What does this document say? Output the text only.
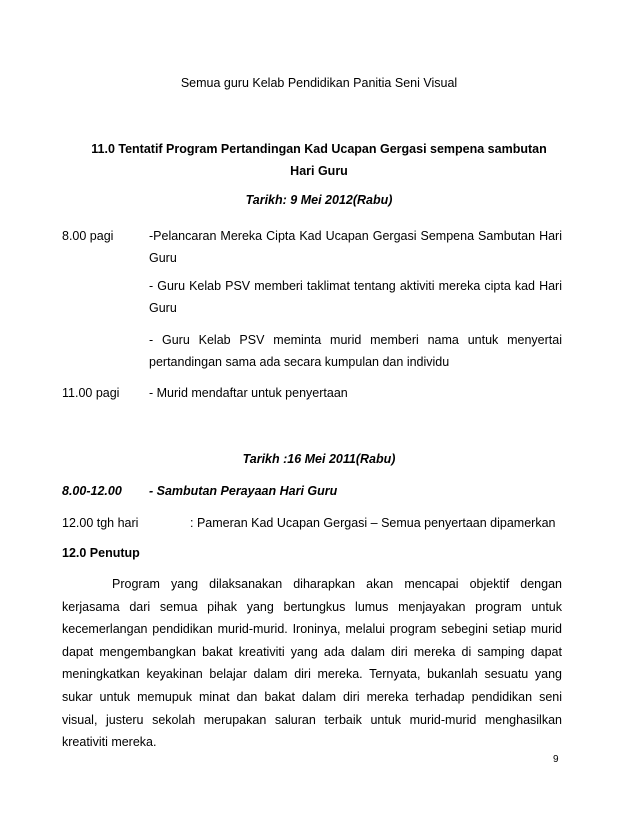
Semua guru Kelab Pendidikan Panitia Seni Visual
11.0 Tentatif Program Pertandingan Kad Ucapan Gergasi sempena sambutan
Hari Guru
Tarikh: 9 Mei 2012(Rabu)
8.00 pagi	-Pelancaran Mereka Cipta Kad Ucapan Gergasi Sempena Sambutan Hari Guru
- Guru Kelab PSV memberi taklimat tentang aktiviti mereka cipta kad Hari Guru
- Guru Kelab PSV meminta murid memberi nama untuk menyertai pertandingan sama ada secara kumpulan dan individu
11.00 pagi - Murid mendaftar untuk penyertaan
Tarikh :16 Mei 2011(Rabu)
8.00-12.00 - Sambutan Perayaan Hari Guru
12.00 tgh hari	: Pameran Kad Ucapan Gergasi – Semua penyertaan dipamerkan
12.0 Penutup
Program yang dilaksanakan diharapkan akan mencapai objektif dengan kerjasama dari semua pihak yang bertungkus lumus menjayakan program untuk kecemerlangan pendidikan murid-murid. Ironinya, melalui program sebegini setiap murid dapat mengembangkan bakat kreativiti yang ada dalam diri mereka di samping dapat meningkatkan keyakinan belajar dalam diri mereka. Ternyata, bukanlah sesuatu yang sukar untuk memupuk minat dan bakat dalam diri mereka terhadap pendidikan seni visual, justeru sekolah merupakan saluran terbaik untuk murid-murid menghasilkan kreativiti mereka.
9
